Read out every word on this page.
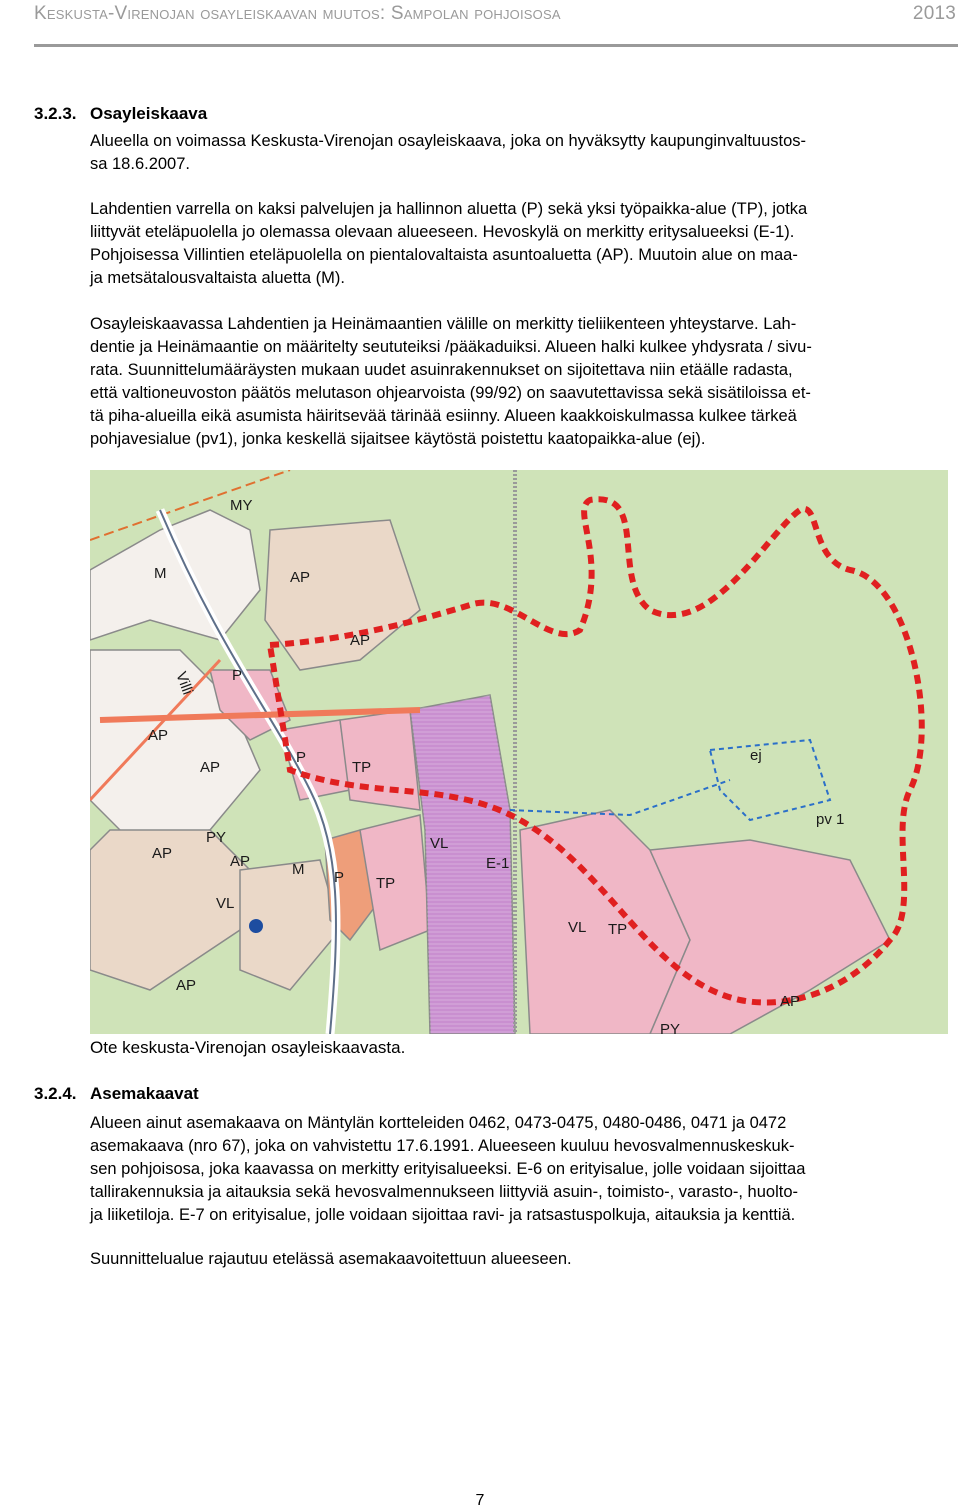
Keskusta-Virenojan osayleiskaavan muutos: Sampolan pohjoisosa	2013
3.2.3. Osayleiskaava
Alueella on voimassa Keskusta-Virenojan osayleiskaava, joka on hyväksytty kaupunginvaltuustos-
sa 18.6.2007.
Lahdentien varrella on kaksi palvelujen ja hallinnon aluetta (P) sekä yksi työpaikka-alue (TP), jotka
liittyvät eteläpuolella jo olemassa olevaan alueeseen. Hevoskylä on merkitty eritysalueeksi (E-1).
Pohjoisessa Villintien eteläpuolella on pientalovaltaista asuntoaluetta (AP). Muutoin alue on maa-
ja metsätalousvaltaista aluetta (M).
Osayleiskaavassa Lahdentien ja Heinämaantien välille on merkitty tieliikenteen yhteystarve. Lah-
dentie ja Heinämaantie on määritelty seututeiksi /pääkaduiksi. Alueen halki kulkee yhdysrata / sivu-
rata. Suunnittelumääräysten mukaan uudet asuinrakennukset on sijoitettava niin etäälle radasta,
että valtioneuvoston päätös melutason ohjearvoista (99/92) on saavutettavissa sekä sisätiloissa et-
tä piha-alueilla eikä asumista häiritsevää tärinää esiinny. Alueen kaakkoiskulmassa kulkee tärkeä
pohjavesialue (pv1), jonka keskellä sijaitsee käytöstä poistettu kaatopaikka-alue (ej).
MY
M	AP
AP
P
AP
AP
P
TP
AP
PY
AP	M P TP
VL
E-1
VL
AP
VL TP
PY
AP
ej
pv 1
Villi
Ote keskusta-Virenojan osayleiskaavasta.
3.2.4. Asemakaavat
Alueen ainut asemakaava on Mäntylän kortteleiden 0462, 0473-0475, 0480-0486, 0471 ja 0472
asemakaava (nro 67), joka on vahvistettu 17.6.1991. Alueeseen kuuluu hevosvalmennuskeskuk-
sen pohjoisosa, joka kaavassa on merkitty erityisalueeksi. E-6 on erityisalue, jolle voidaan sijoittaa
tallirakennuksia ja aitauksia sekä hevosvalmennukseen liittyviä asuin-, toimisto-, varasto-, huolto-
ja liiketiloja. E-7 on erityisalue, jolle voidaan sijoittaa ravi- ja ratsastuspolkuja, aitauksia ja kenttiä.
Suunnittelualue rajautuu etelässä asemakaavoitettuun alueeseen.
7
